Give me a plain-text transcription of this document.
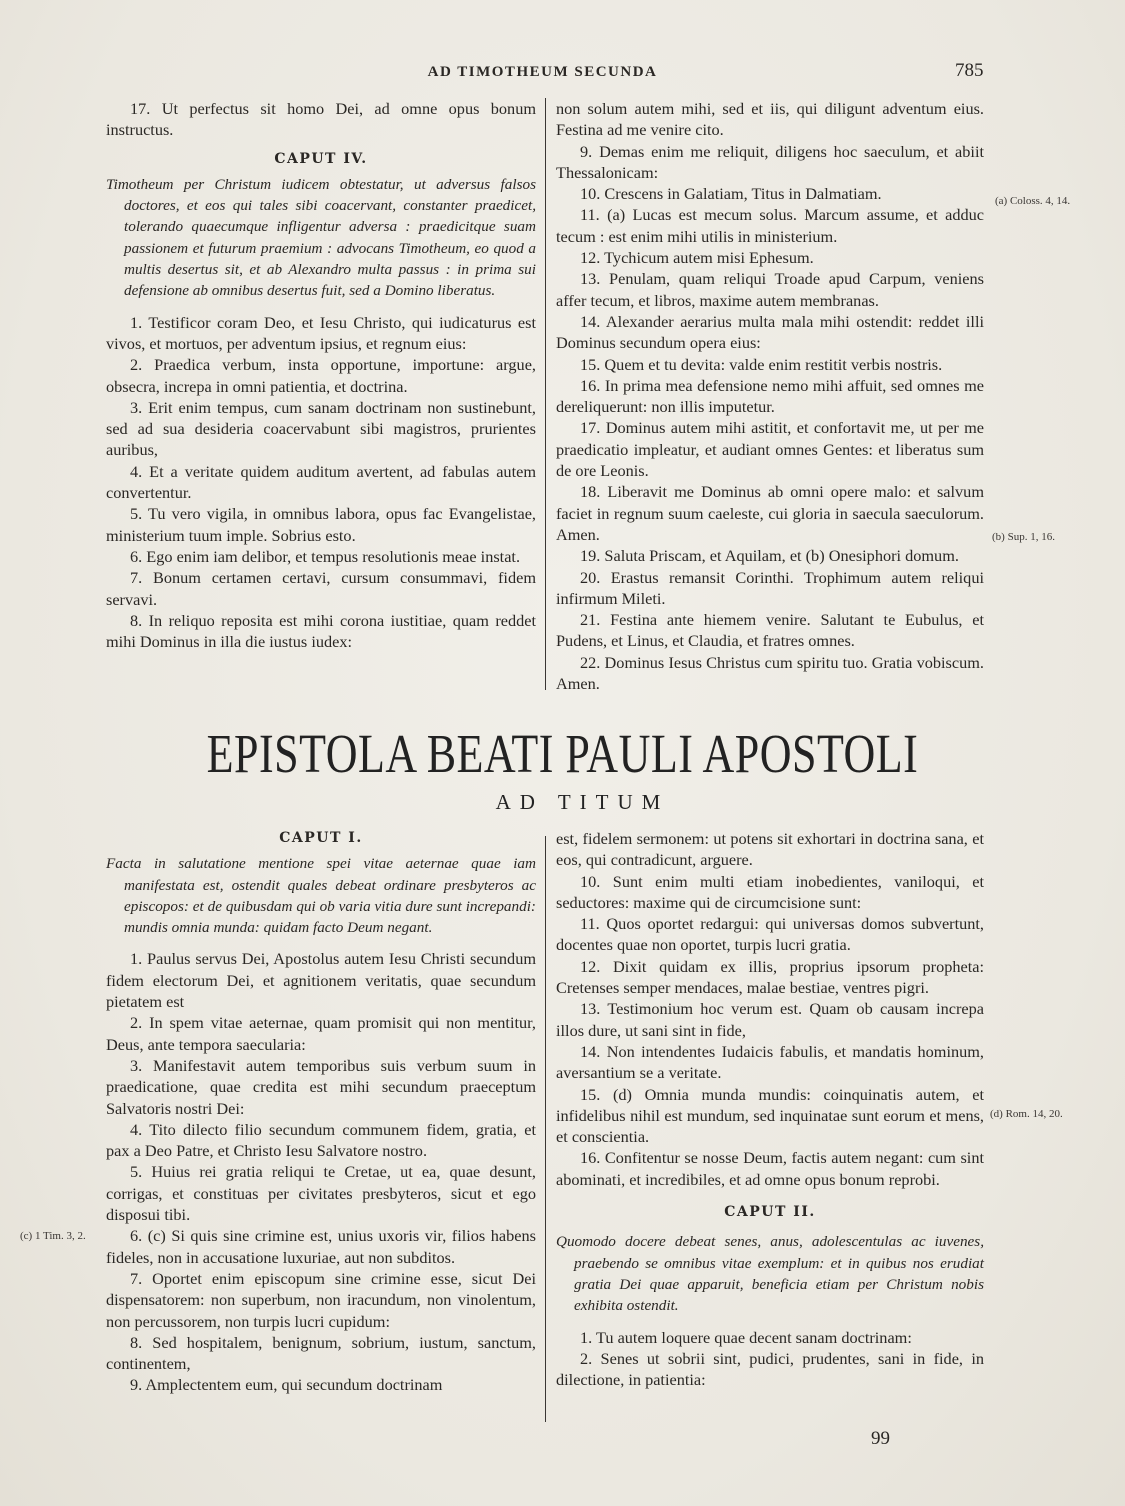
AD TIMOTHEUM SECUNDA	785

17. Ut perfectus sit homo Dei, ad omne opus bonum instructus.

CAPUT IV.

Timotheum per Christum iudicem obtestatur, ut adversus falsos doctores, et eos qui tales sibi coacervant, constanter praedicet, tolerando quaecumque infligentur adversa : praedicitque suam passionem et futurum praemium : advocans Timotheum, eo quod a multis desertus sit, et ab Alexandro multa passus : in prima sui defensione ab omnibus desertus fuit, sed a Domino liberatus.

1. Testificor coram Deo, et Iesu Christo, qui iudicaturus est vivos, et mortuos, per adventum ipsius, et regnum eius:

2. Praedica verbum, insta opportune, importune: argue, obsecra, increpa in omni patientia, et doctrina.

3. Erit enim tempus, cum sanam doctrinam non sustinebunt, sed ad sua desideria coacervabunt sibi magistros, prurientes auribus,

4. Et a veritate quidem auditum avertent, ad fabulas autem convertentur.

5. Tu vero vigila, in omnibus labora, opus fac Evangelistae, ministerium tuum imple. Sobrius esto.

6. Ego enim iam delibor, et tempus resolutionis meae instat.

7. Bonum certamen certavi, cursum consummavi, fidem servavi.

8. In reliquo reposita est mihi corona iustitiae, quam reddet mihi Dominus in illa die iustus iudex:

non solum autem mihi, sed et iis, qui diligunt adventum eius. Festina ad me venire cito.

9. Demas enim me reliquit, diligens hoc saeculum, et abiit Thessalonicam:

10. Crescens in Galatiam, Titus in Dalmatiam.

11. (a) Lucas est mecum solus. Marcum assume, et adduc tecum : est enim mihi utilis in ministerium.

12. Tychicum autem misi Ephesum.

13. Penulam, quam reliqui Troade apud Carpum, veniens affer tecum, et libros, maxime autem membranas.

14. Alexander aerarius multa mala mihi ostendit: reddet illi Dominus secundum opera eius:

15. Quem et tu devita: valde enim restitit verbis nostris.

16. In prima mea defensione nemo mihi affuit, sed omnes me dereliquerunt: non illis imputetur.

17. Dominus autem mihi astitit, et confortavit me, ut per me praedicatio impleatur, et audiant omnes Gentes: et liberatus sum de ore Leonis.

18. Liberavit me Dominus ab omni opere malo: et salvum faciet in regnum suum caeleste, cui gloria in saecula saeculorum. Amen.

19. Saluta Priscam, et Aquilam, et (b) Onesiphori domum.

20. Erastus remansit Corinthi. Trophimum autem reliqui infirmum Mileti.

21. Festina ante hiemem venire. Salutant te Eubulus, et Pudens, et Linus, et Claudia, et fratres omnes.

22. Dominus Iesus Christus cum spiritu tuo. Gratia vobiscum. Amen.

(a) Coloss. 4, 14.
(b) Sup. 1, 16.
EPISTOLA BEATI PAULI APOSTOLI
AD TITUM
CAPUT I.

Facta in salutatione mentione spei vitae aeternae quae iam manifestata est, ostendit quales debeat ordinare presbyteros ac episcopos: et de quibusdam qui ob varia vitia dure sunt increpandi: mundis omnia munda: quidam facto Deum negant.

1. Paulus servus Dei, Apostolus autem Iesu Christi secundum fidem electorum Dei, et agnitionem veritatis, quae secundum pietatem est

2. In spem vitae aeternae, quam promisit qui non mentitur, Deus, ante tempora saecularia:

3. Manifestavit autem temporibus suis verbum suum in praedicatione, quae credita est mihi secundum praeceptum Salvatoris nostri Dei:

4. Tito dilecto filio secundum communem fidem, gratia, et pax a Deo Patre, et Christo Iesu Salvatore nostro.

5. Huius rei gratia reliqui te Cretae, ut ea, quae desunt, corrigas, et constituas per civitates presbyteros, sicut et ego disposui tibi.

6. (c) Si quis sine crimine est, unius uxoris vir, filios habens fideles, non in accusatione luxuriae, aut non subditos.

7. Oportet enim episcopum sine crimine esse, sicut Dei dispensatorem: non superbum, non iracundum, non vinolentum, non percussorem, non turpis lucri cupidum:

8. Sed hospitalem, benignum, sobrium, iustum, sanctum, continentem,

9. Amplectentem eum, qui secundum doctrinam

est, fidelem sermonem: ut potens sit exhortari in doctrina sana, et eos, qui contradicunt, arguere.

10. Sunt enim multi etiam inobedientes, vaniloqui, et seductores: maxime qui de circumcisione sunt:

11. Quos oportet redargui: qui universas domos subvertunt, docentes quae non oportet, turpis lucri gratia.

12. Dixit quidam ex illis, proprius ipsorum propheta: Cretenses semper mendaces, malae bestiae, ventres pigri.

13. Testimonium hoc verum est. Quam ob causam increpa illos dure, ut sani sint in fide,

14. Non intendentes Iudaicis fabulis, et mandatis hominum, aversantium se a veritate.

15. (d) Omnia munda mundis: coinquinatis autem, et infidelibus nihil est mundum, sed inquinatae sunt eorum et mens, et conscientia.

16. Confitentur se nosse Deum, factis autem negant: cum sint abominati, et incredibiles, et ad omne opus bonum reprobi.

CAPUT II.

Quomodo docere debeat senes, anus, adolescentulas ac iuvenes, praebendo se omnibus vitae exemplum: et in quibus nos erudiat gratia Dei quae apparuit, beneficia etiam per Christum nobis exhibita ostendit.

1. Tu autem loquere quae decent sanam doctrinam:

2. Senes ut sobrii sint, pudici, prudentes, sani in fide, in dilectione, in patientia:

(c) 1 Tim. 3, 2.
(d) Rom. 14, 20.
99
